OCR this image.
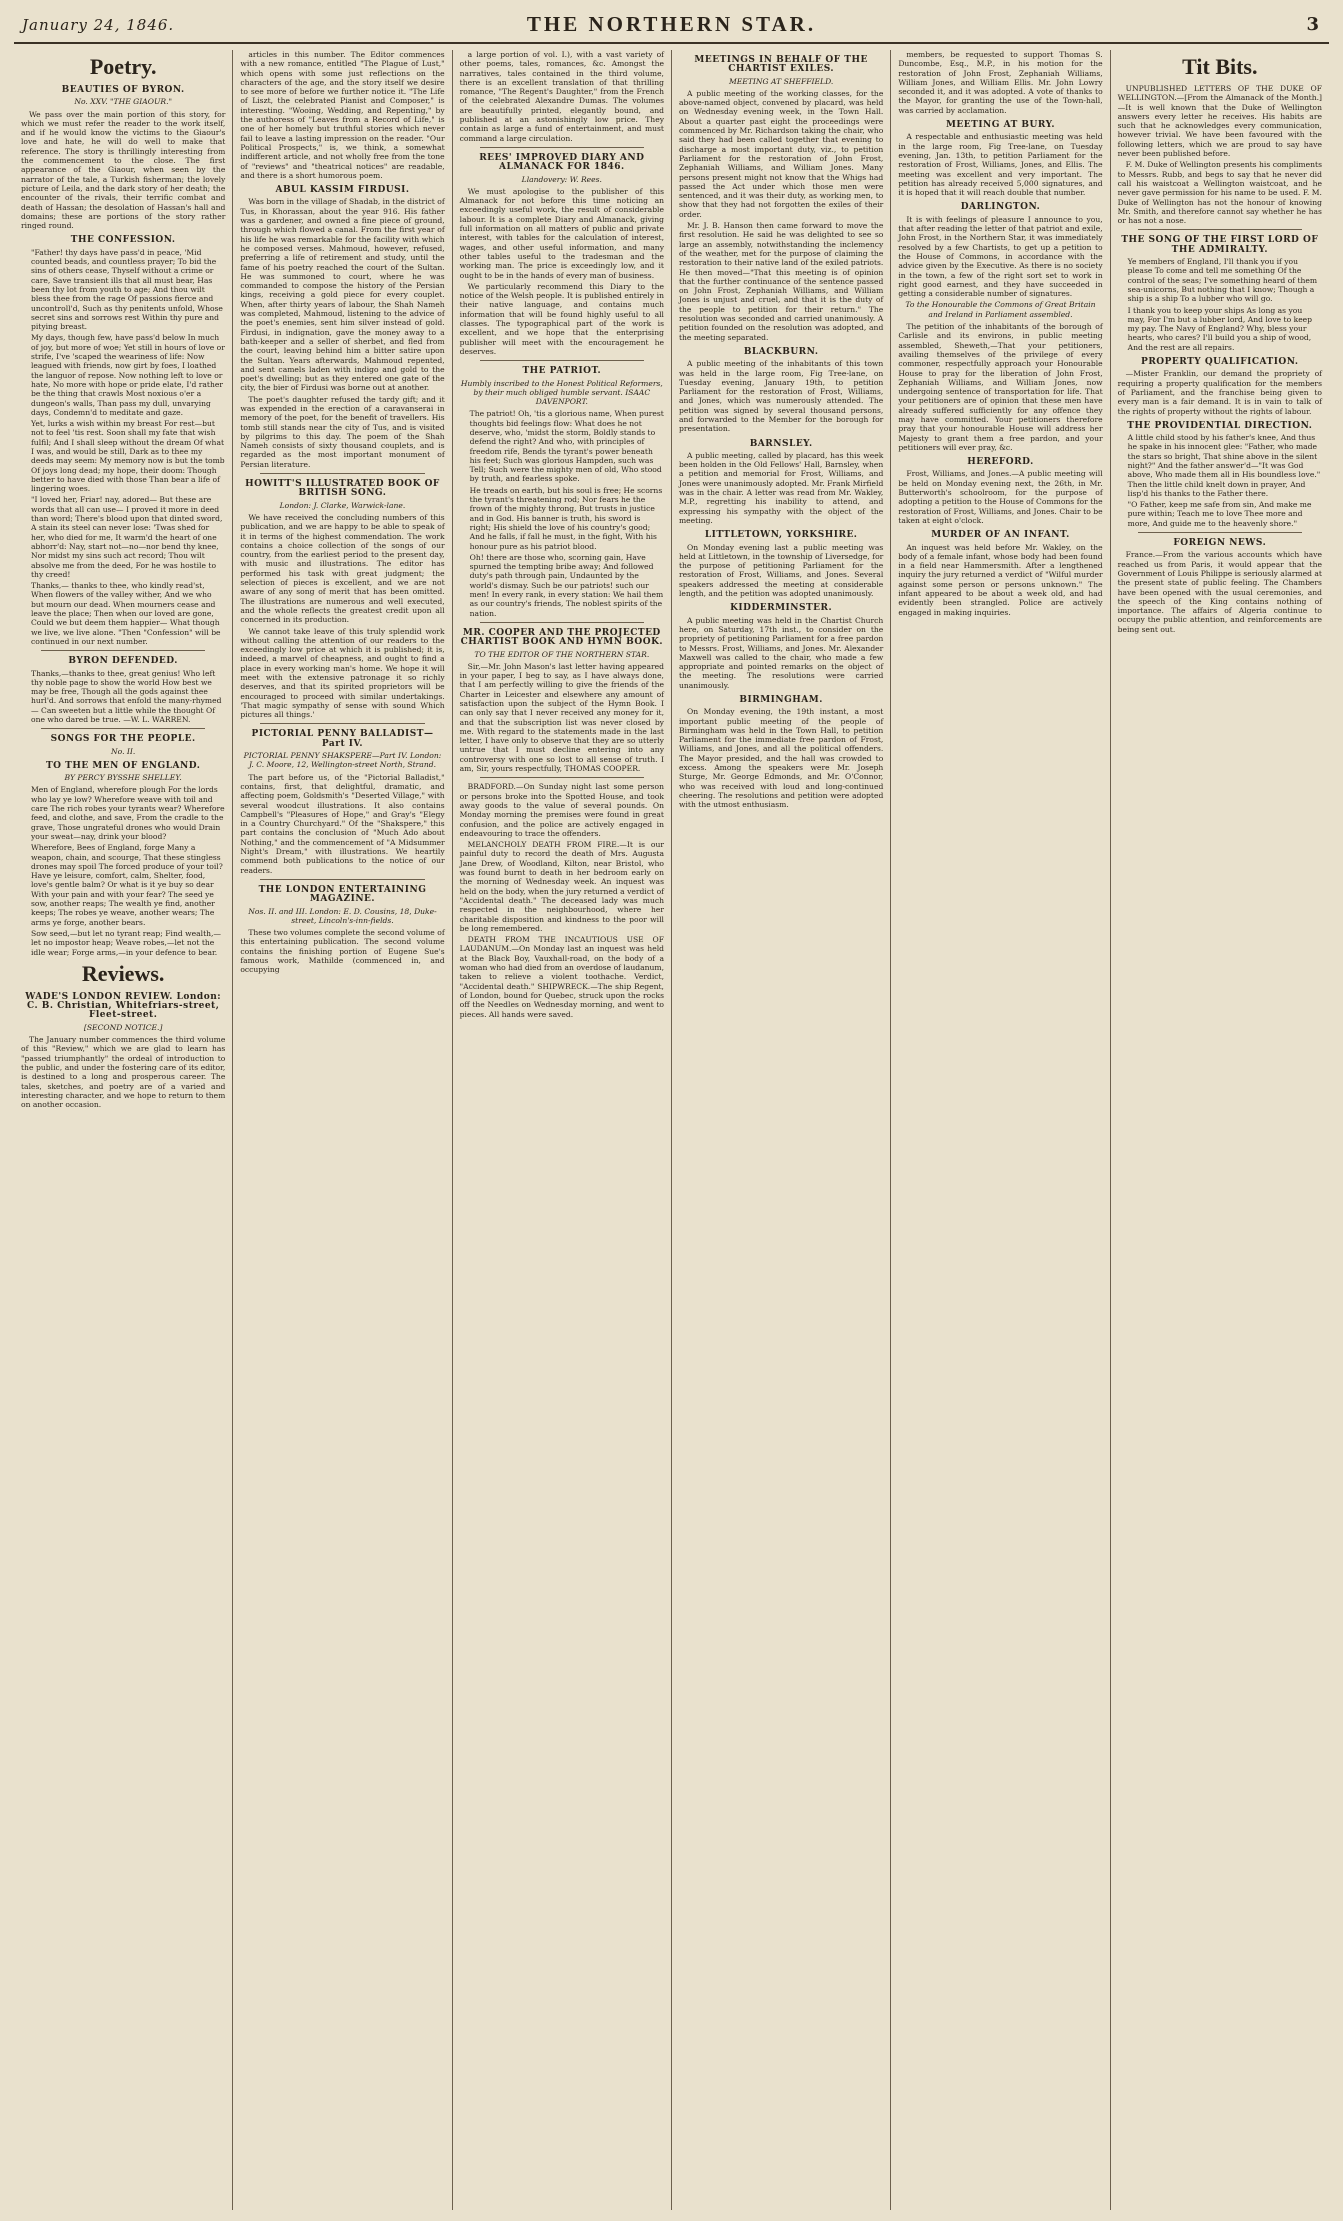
January 24, 1846.	THE NORTHERN STAR.	3
Poetry.
BEAUTIES OF BYRON.
No. XXV. "THE GIAOUR."

We pass over the main portion of this story, for which we must refer the reader to the work itself, and if he would know the victims to the Giaour's love and hate, he will do well to make that reference. The story is thrillingly interesting from the commencement to the close. The first appearance of the Giaour, when seen by the narrator of the tale, a Turkish fisherman; the lovely picture of Leila, and the dark story of her death; the encounter of the rivals, their terrific combat and death of Hassan; the desolation of Hassan's hall and domains; these are portions of the story rather ringed round.

THE CONFESSION.

"Father! thy days have pass'd in peace, 'Mid counted beads, and countless prayer; To bid the sins of others cease, Thyself without a crime or care, Save transient ills that all must bear, Has been thy lot from youth to age; And thou wilt bless thee from the rage Of passions fierce and uncontroll'd, Such as thy penitents unfold, Whose secret sins and sorrows rest Within thy pure and pitying breast.

My days, though few, have pass'd below In much of joy, but more of woe; Yet still in hours of love or strife, I've 'scaped the weariness of life: Now leagued with friends, now girt by foes, I loathed the languor of repose. Now nothing left to love or hate, No more with hope or pride elate, I'd rather be the thing that crawls Most noxious o'er a dungeon's walls, Than pass my dull, unvarying days, Condemn'd to meditate and gaze.

Yet, lurks a wish within my breast For rest—but not to feel 'tis rest. Soon shall my fate that wish fulfil; And I shall sleep without the dream Of what I was, and would be still, Dark as to thee my deeds may seem: My memory now is but the tomb Of joys long dead; my hope, their doom: Though better to have died with those Than bear a life of lingering woes.

"I loved her, Friar! nay, adored— But these are words that all can use— I proved it more in deed than word; There's blood upon that dinted sword, A stain its steel can never lose: 'Twas shed for her, who died for me, It warm'd the heart of one abhorr'd: Nay, start not—no—nor bend thy knee, Nor midst my sins such act record; Thou wilt absolve me from the deed, For he was hostile to thy creed!

Thanks,— thanks to thee, who kindly read'st, When flowers of the valley wither, And we who but mourn our dead. When mourners cease and leave the place; Then when our loved are gone, Could we but deem them happier— What though we live, we live alone. "Then "Confession" will be continued in our next number.

BYRON DEFENDED.

Thanks,—thanks to thee, great genius! Who left thy noble page to show the world How best we may be free, Though all the gods against thee hurl'd. And sorrows that enfold the many-rhymed— Can sweeten but a little while the thought Of one who dared be true. —W. L. WARREN.

SONGS FOR THE PEOPLE.
No. II.
TO THE MEN OF ENGLAND.
BY PERCY BYSSHE SHELLEY.

Men of England, wherefore plough For the lords who lay ye low? Wherefore weave with toil and care The rich robes your tyrants wear? Wherefore feed, and clothe, and save, From the cradle to the grave, Those ungrateful drones who would Drain your sweat—nay, drink your blood?

Wherefore, Bees of England, forge Many a weapon, chain, and scourge, That these stingless drones may spoil The forced produce of your toil? Have ye leisure, comfort, calm, Shelter, food, love's gentle balm? Or what is it ye buy so dear With your pain and with your fear? The seed ye sow, another reaps; The wealth ye find, another keeps; The robes ye weave, another wears; The arms ye forge, another bears.

Sow seed,—but let no tyrant reap; Find wealth,—let no impostor heap; Weave robes,—let not the idle wear; Forge arms,—in your defence to bear.

Reviews.
WADE'S LONDON REVIEW. London: C. B. Christian, Whitefriars-street, Fleet-street.
[SECOND NOTICE.]

The January number commences the third volume of this "Review," which we are glad to learn has "passed triumphantly" the ordeal of introduction to the public, and under the fostering care of its editor, is destined to a long and prosperous career. The tales, sketches, and poetry are of a varied and interesting character, and we hope to return to them on another occasion.

articles in this number. The Editor commences with a new romance, entitled "The Plague of Lust," which opens with some just reflections on the characters of the age, and the story itself we desire to see more of before we further notice it. "The Life of Liszt, the celebrated Pianist and Composer," is interesting. "Wooing, Wedding, and Repenting," by the authoress of "Leaves from a Record of Life," is one of her homely but truthful stories which never fail to leave a lasting impression on the reader. "Our Political Prospects," is, we think, a somewhat indifferent article, and not wholly free from the tone of "reviews" and "theatrical notices" are readable, and there is a short humorous poem.

ABUL KASSIM FIRDUSI.

Was born in the village of Shadab, in the district of Tus, in Khorassan, about the year 916. His father was a gardener, and owned a fine piece of ground, through which flowed a canal. From the first year of his life he was remarkable for the facility with which he composed verses. Mahmoud, however, refused, preferring a life of retirement and study, until the fame of his poetry reached the court of the Sultan. He was summoned to court, where he was commanded to compose the history of the Persian kings, receiving a gold piece for every couplet. When, after thirty years of labour, the Shah Nameh was completed, Mahmoud, listening to the advice of the poet's enemies, sent him silver instead of gold. Firdusi, in indignation, gave the money away to a bath-keeper and a seller of sherbet, and fled from the court, leaving behind him a bitter satire upon the Sultan. Years afterwards, Mahmoud repented, and sent camels laden with indigo and gold to the poet's dwelling; but as they entered one gate of the city, the bier of Firdusi was borne out at another.

The poet's daughter refused the tardy gift; and it was expended in the erection of a caravanserai in memory of the poet, for the benefit of travellers. His tomb still stands near the city of Tus, and is visited by pilgrims to this day. The poem of the Shah Nameh consists of sixty thousand couplets, and is regarded as the most important monument of Persian literature.

HOWITT'S ILLUSTRATED BOOK OF BRITISH SONG.
London: J. Clarke, Warwick-lane.

We have received the concluding numbers of this publication, and we are happy to be able to speak of it in terms of the highest commendation. The work contains a choice collection of the songs of our country, from the earliest period to the present day, with music and illustrations. The editor has performed his task with great judgment; the selection of pieces is excellent, and we are not aware of any song of merit that has been omitted. The illustrations are numerous and well executed, and the whole reflects the greatest credit upon all concerned in its production.

We cannot take leave of this truly splendid work without calling the attention of our readers to the exceedingly low price at which it is published; it is, indeed, a marvel of cheapness, and ought to find a place in every working man's home. We hope it will meet with the extensive patronage it so richly deserves, and that its spirited proprietors will be encouraged to proceed with similar undertakings. 'That magic sympathy of sense with sound Which pictures all things.'

PICTORIAL PENNY BALLADIST—Part IV.
PICTORIAL PENNY SHAKSPERE—Part IV. London: J. C. Moore, 12, Wellington-street North, Strand.

The part before us, of the "Pictorial Balladist," contains, first, that delightful, dramatic, and affecting poem, Goldsmith's "Deserted Village," with several woodcut illustrations. It also contains Campbell's "Pleasures of Hope," and Gray's "Elegy in a Country Churchyard." Of the "Shakspere," this part contains the conclusion of "Much Ado about Nothing," and the commencement of "A Midsummer Night's Dream," with illustrations. We heartily commend both publications to the notice of our readers.

THE LONDON ENTERTAINING MAGAZINE.
Nos. II. and III. London: E. D. Cousins, 18, Duke-street, Lincoln's-inn-fields.

These two volumes complete the second volume of this entertaining publication. The second volume contains the finishing portion of Eugene Sue's famous work, Mathilde (commenced in, and occupying

a large portion of vol. I.), with a vast variety of other poems, tales, romances, &c. Amongst the narratives, tales contained in the third volume, there is an excellent translation of that thrilling romance, "The Regent's Daughter," from the French of the celebrated Alexandre Dumas. The volumes are beautifully printed, elegantly bound, and published at an astonishingly low price. They contain as large a fund of entertainment, and must command a large circulation.

REES' IMPROVED DIARY AND ALMANACK FOR 1846.
Llandovery: W. Rees.

We must apologise to the publisher of this Almanack for not before this time noticing an exceedingly useful work, the result of considerable labour. It is a complete Diary and Almanack, giving full information on all matters of public and private interest, with tables for the calculation of interest, wages, and other useful information, and many other tables useful to the tradesman and the working man. The price is exceedingly low, and it ought to be in the hands of every man of business.

We particularly recommend this Diary to the notice of the Welsh people. It is published entirely in their native language, and contains much information that will be found highly useful to all classes. The typographical part of the work is excellent, and we hope that the enterprising publisher will meet with the encouragement he deserves.

THE PATRIOT.
Humbly inscribed to the Honest Political Reformers, by their much obliged humble servant. ISAAC DAVENPORT.

The patriot! Oh, 'tis a glorious name, When purest thoughts bid feelings flow: What does he not deserve, who, 'midst the storm, Boldly stands to defend the right? And who, with principles of freedom rife, Bends the tyrant's power beneath his feet; Such was glorious Hampden, such was Tell; Such were the mighty men of old, Who stood by truth, and fearless spoke.

He treads on earth, but his soul is free; He scorns the tyrant's threatening rod; Nor fears he the frown of the mighty throng, But trusts in justice and in God. His banner is truth, his sword is right; His shield the love of his country's good; And he falls, if fall he must, in the fight, With his honour pure as his patriot blood.

Oh! there are those who, scorning gain, Have spurned the tempting bribe away; And followed duty's path through pain, Undaunted by the world's dismay. Such be our patriots! such our men! In every rank, in every station: We hail them as our country's friends, The noblest spirits of the nation.

MR. COOPER AND THE PROJECTED CHARTIST BOOK AND HYMN BOOK.
TO THE EDITOR OF THE NORTHERN STAR.

Sir,—Mr. John Mason's last letter having appeared in your paper, I beg to say, as I have always done, that I am perfectly willing to give the friends of the Charter in Leicester and elsewhere any amount of satisfaction upon the subject of the Hymn Book. I can only say that I never received any money for it, and that the subscription list was never closed by me. With regard to the statements made in the last letter, I have only to observe that they are so utterly untrue that I must decline entering into any controversy with one so lost to all sense of truth. I am, Sir, yours respectfully, THOMAS COOPER.

BRADFORD.—On Sunday night last some person or persons broke into the Spotted House, and took away goods to the value of several pounds. On Monday morning the premises were found in great confusion, and the police are actively engaged in endeavouring to trace the offenders.

MELANCHOLY DEATH FROM FIRE.—It is our painful duty to record the death of Mrs. Augusta Jane Drew, of Woodland, Kilton, near Bristol, who was found burnt to death in her bedroom early on the morning of Wednesday week. An inquest was held on the body, when the jury returned a verdict of "Accidental death." The deceased lady was much respected in the neighbourhood, where her charitable disposition and kindness to the poor will be long remembered.

DEATH FROM THE INCAUTIOUS USE OF LAUDANUM.—On Monday last an inquest was held at the Black Boy, Vauxhall-road, on the body of a woman who had died from an overdose of laudanum, taken to relieve a violent toothache. Verdict, "Accidental death." SHIPWRECK.—The ship Regent, of London, bound for Quebec, struck upon the rocks off the Needles on Wednesday morning, and went to pieces. All hands were saved.

MEETINGS IN BEHALF OF THE CHARTIST EXILES.
MEETING AT SHEFFIELD.

A public meeting of the working classes, for the above-named object, convened by placard, was held on Wednesday evening week, in the Town Hall. About a quarter past eight the proceedings were commenced by Mr. Richardson taking the chair, who said they had been called together that evening to discharge a most important duty, viz., to petition Parliament for the restoration of John Frost, Zephaniah Williams, and William Jones. Many persons present might not know that the Whigs had passed the Act under which those men were sentenced, and it was their duty, as working men, to show that they had not forgotten the exiles of their order.

Mr. J. B. Hanson then came forward to move the first resolution. He said he was delighted to see so large an assembly, notwithstanding the inclemency of the weather, met for the purpose of claiming the restoration to their native land of the exiled patriots. He then moved—"That this meeting is of opinion that the further continuance of the sentence passed on John Frost, Zephaniah Williams, and William Jones is unjust and cruel, and that it is the duty of the people to petition for their return." The resolution was seconded and carried unanimously. A petition founded on the resolution was adopted, and the meeting separated.

BLACKBURN.

A public meeting of the inhabitants of this town was held in the large room, Fig Tree-lane, on Tuesday evening, January 19th, to petition Parliament for the restoration of Frost, Williams, and Jones, which was numerously attended. The petition was signed by several thousand persons, and forwarded to the Member for the borough for presentation.

BARNSLEY.

A public meeting, called by placard, has this week been holden in the Old Fellows' Hall, Barnsley, when a petition and memorial for Frost, Williams, and Jones were unanimously adopted. Mr. Frank Mirfield was in the chair. A letter was read from Mr. Wakley, M.P., regretting his inability to attend, and expressing his sympathy with the object of the meeting.

LITTLETOWN, YORKSHIRE.

On Monday evening last a public meeting was held at Littletown, in the township of Liversedge, for the purpose of petitioning Parliament for the restoration of Frost, Williams, and Jones. Several speakers addressed the meeting at considerable length, and the petition was adopted unanimously.

KIDDERMINSTER.

A public meeting was held in the Chartist Church here, on Saturday, 17th inst., to consider on the propriety of petitioning Parliament for a free pardon to Messrs. Frost, Williams, and Jones. Mr. Alexander Maxwell was called to the chair, who made a few appropriate and pointed remarks on the object of the meeting. The resolutions were carried unanimously.

BIRMINGHAM.

On Monday evening, the 19th instant, a most important public meeting of the people of Birmingham was held in the Town Hall, to petition Parliament for the immediate free pardon of Frost, Williams, and Jones, and all the political offenders. The Mayor presided, and the hall was crowded to excess. Among the speakers were Mr. Joseph Sturge, Mr. George Edmonds, and Mr. O'Connor, who was received with loud and long-continued cheering. The resolutions and petition were adopted with the utmost enthusiasm.

members, be requested to support Thomas S. Duncombe, Esq., M.P., in his motion for the restoration of John Frost, Zephaniah Williams, William Jones, and William Ellis. Mr. John Lowry seconded it, and it was adopted. A vote of thanks to the Mayor, for granting the use of the Town-hall, was carried by acclamation.

MEETING AT BURY.

A respectable and enthusiastic meeting was held in the large room, Fig Tree-lane, on Tuesday evening, Jan. 13th, to petition Parliament for the restoration of Frost, Williams, Jones, and Ellis. The meeting was excellent and very important. The petition has already received 5,000 signatures, and it is hoped that it will reach double that number.

DARLINGTON.

It is with feelings of pleasure I announce to you, that after reading the letter of that patriot and exile, John Frost, in the Northern Star, it was immediately resolved by a few Chartists, to get up a petition to the House of Commons, in accordance with the advice given by the Executive. As there is no society in the town, a few of the right sort set to work in right good earnest, and they have succeeded in getting a considerable number of signatures.

To the Honourable the Commons of Great Britain and Ireland in Parliament assembled.

The petition of the inhabitants of the borough of Carlisle and its environs, in public meeting assembled, Sheweth,—That your petitioners, availing themselves of the privilege of every commoner, respectfully approach your Honourable House to pray for the liberation of John Frost, Zephaniah Williams, and William Jones, now undergoing sentence of transportation for life. That your petitioners are of opinion that these men have already suffered sufficiently for any offence they may have committed. Your petitioners therefore pray that your honourable House will address her Majesty to grant them a free pardon, and your petitioners will ever pray, &c.

HEREFORD.

Frost, Williams, and Jones.—A public meeting will be held on Monday evening next, the 26th, in Mr. Butterworth's schoolroom, for the purpose of adopting a petition to the House of Commons for the restoration of Frost, Williams, and Jones. Chair to be taken at eight o'clock.

MURDER OF AN INFANT.

An inquest was held before Mr. Wakley, on the body of a female infant, whose body had been found in a field near Hammersmith. After a lengthened inquiry the jury returned a verdict of "Wilful murder against some person or persons unknown." The infant appeared to be about a week old, and had evidently been strangled. Police are actively engaged in making inquiries.

Tit Bits.

UNPUBLISHED LETTERS OF THE DUKE OF WELLINGTON.—[From the Almanack of the Month.]—It is well known that the Duke of Wellington answers every letter he receives. His habits are such that he acknowledges every communication, however trivial. We have been favoured with the following letters, which we are proud to say have never been published before.

F. M. Duke of Wellington presents his compliments to Messrs. Rubb, and begs to say that he never did call his waistcoat a Wellington waistcoat, and he never gave permission for his name to be used. F. M. Duke of Wellington has not the honour of knowing Mr. Smith, and therefore cannot say whether he has or has not a nose.

THE SONG OF THE FIRST LORD OF THE ADMIRALTY.

Ye members of England, I'll thank you if you please To come and tell me something Of the control of the seas; I've something heard of them sea-unicorns, But nothing that I know; Though a ship is a ship To a lubber who will go.

I thank you to keep your ships As long as you may, For I'm but a lubber lord, And love to keep my pay. The Navy of England? Why, bless your hearts, who cares? I'll build you a ship of wood, And the rest are all repairs.

PROPERTY QUALIFICATION.

—Mister Franklin, our demand the propriety of requiring a property qualification for the members of Parliament, and the franchise being given to every man is a fair demand. It is in vain to talk of the rights of property without the rights of labour.

THE PROVIDENTIAL DIRECTION.

A little child stood by his father's knee, And thus he spake in his innocent glee: "Father, who made the stars so bright, That shine above in the silent night?" And the father answer'd—"It was God above, Who made them all in His boundless love." Then the little child knelt down in prayer, And lisp'd his thanks to the Father there.

"O Father, keep me safe from sin, And make me pure within; Teach me to love Thee more and more, And guide me to the heavenly shore."

FOREIGN NEWS.

France.—From the various accounts which have reached us from Paris, it would appear that the Government of Louis Philippe is seriously alarmed at the present state of public feeling. The Chambers have been opened with the usual ceremonies, and the speech of the King contains nothing of importance. The affairs of Algeria continue to occupy the public attention, and reinforcements are being sent out.
